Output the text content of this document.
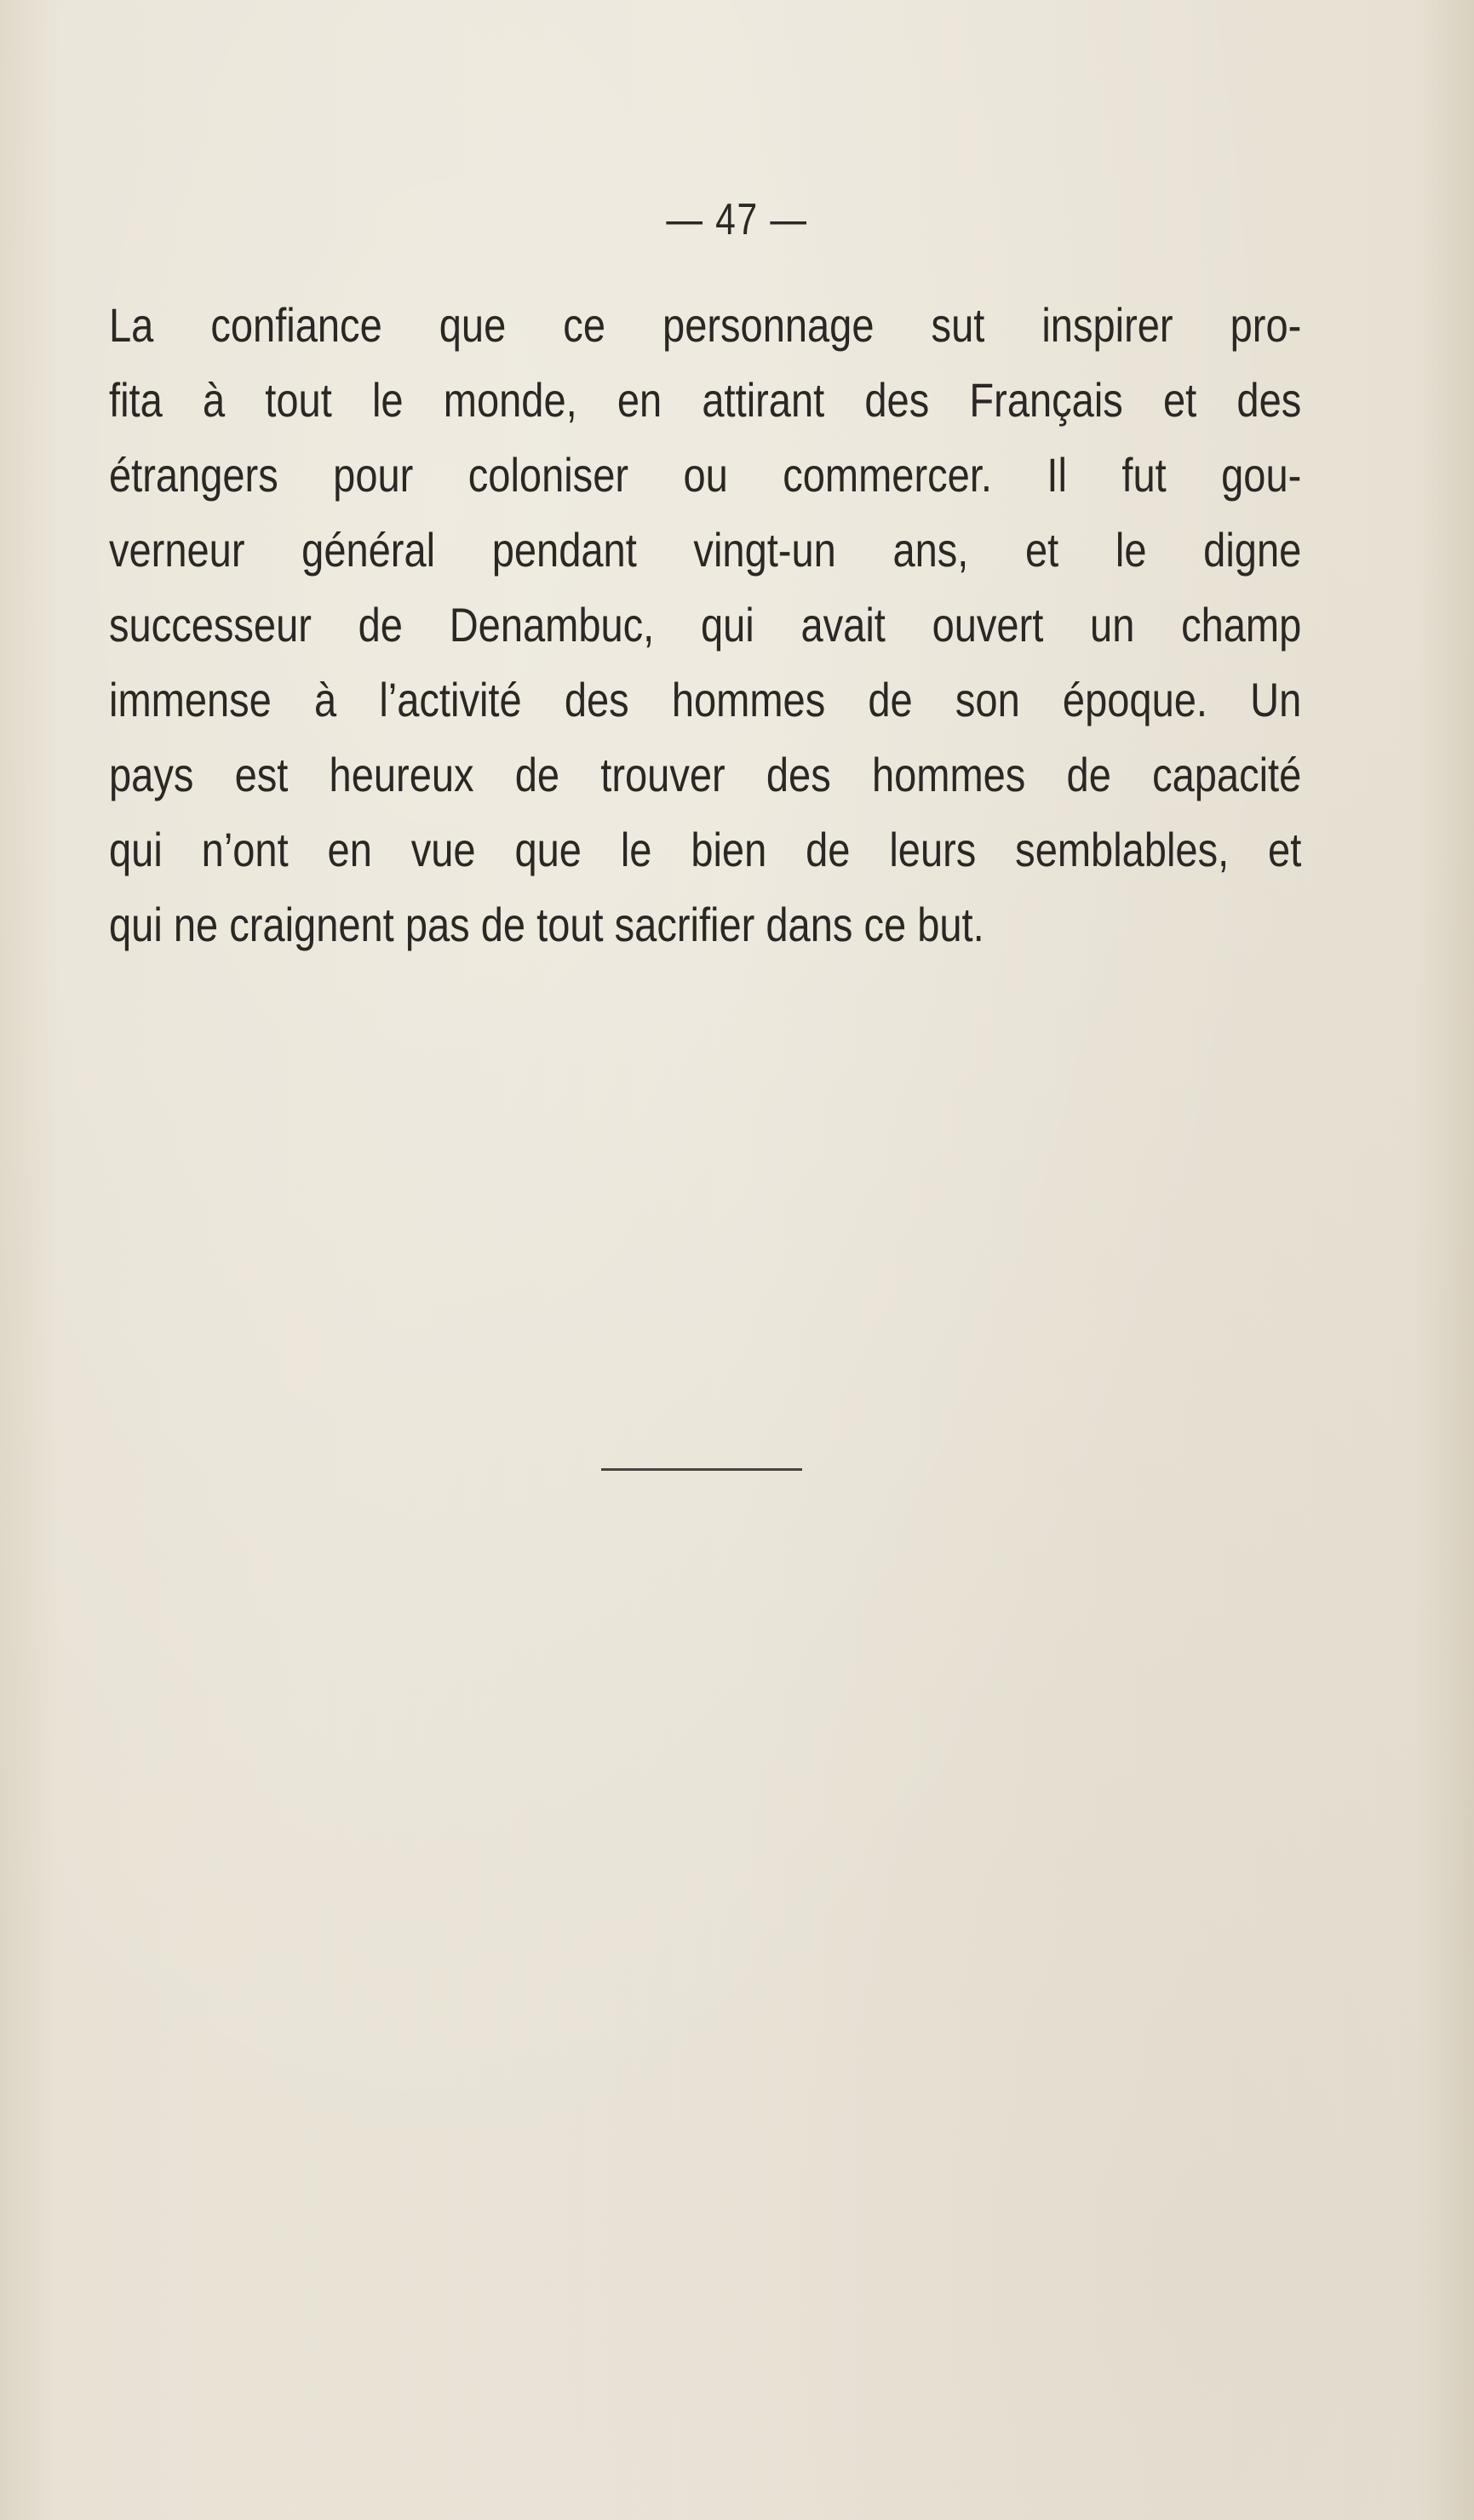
— 47 —
La confiance que ce personnage sut inspirer pro-
fita à tout le monde, en attirant des Français et des
étrangers pour coloniser ou commercer. Il fut gou-
verneur général pendant vingt-un ans, et le digne
successeur de Denambuc, qui avait ouvert un champ
immense à l’activité des hommes de son époque. Un
pays est heureux de trouver des hommes de capacité
qui n’ont en vue que le bien de leurs semblables, et
qui ne craignent pas de tout sacrifier dans ce but.
